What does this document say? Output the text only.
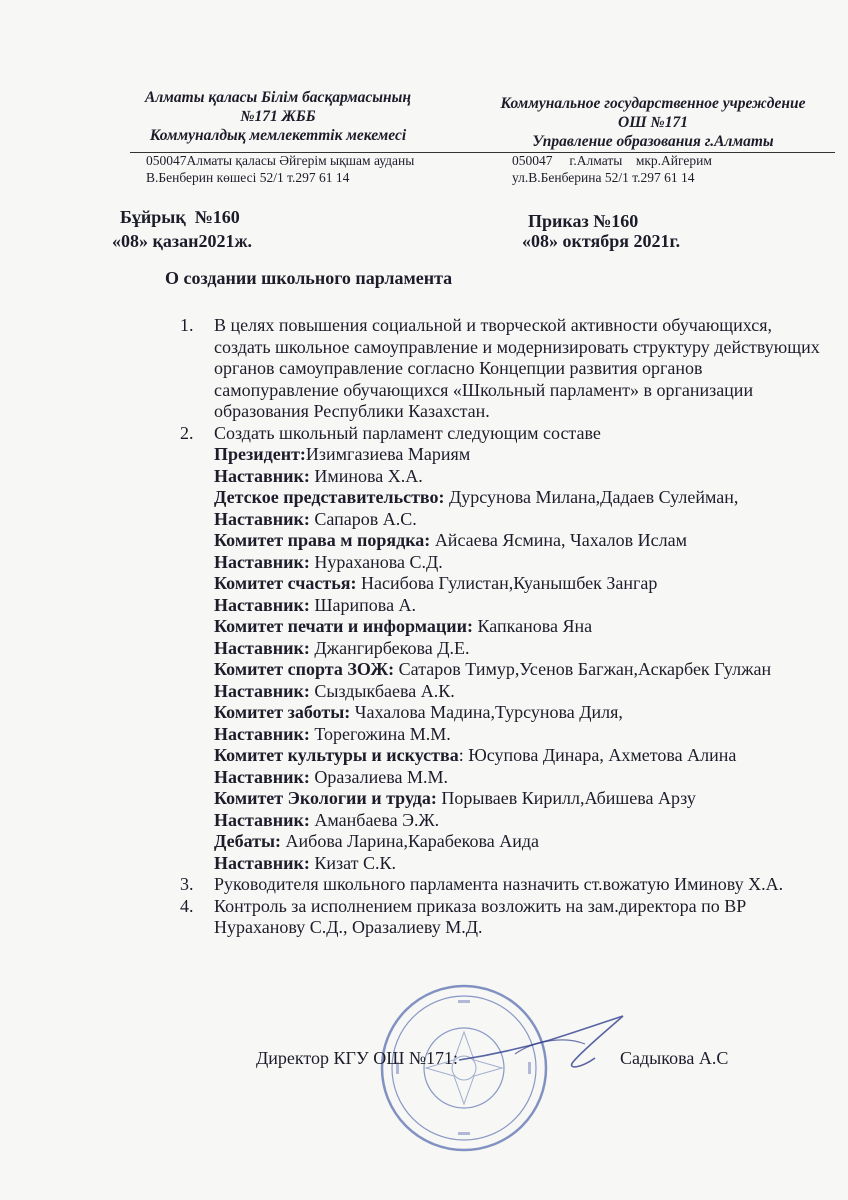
Алматы қаласы Білім басқармасының
№171 ЖББ
Коммуналдық мемлекеттік мекемесі
Коммунальное государственное учреждение
ОШ №171
Управление образования г.Алматы
050047Алматы қаласы Әйгерім ықшам ауданы
В.Бенберин көшесі 52/1 т.297 61 14
050047     г.Алматы    мкр.Айгерим
ул.В.Бенберина 52/1 т.297 61 14
Бұйрық  №160
«08» қазан2021ж.
Приказ №160
«08» октября 2021г.
О создании школьного парламента
1.	В целях повышения социальной и творческой активности обучающихся, создать школьное самоуправление и модернизировать структуру действующих органов самоуправление согласно Концепции развития органов самопуравление обучающихся «Школьный парламент» в организации образования Республики Казахстан.
2.	Создать школьный парламент следующим составе
Президент:Изимгазиева Мариям
Наставник: Иминова Х.А.
Детское представительство: Дурсунова Милана,Дадаев Сулейман,
Наставник: Сапаров А.С.
Комитет права м порядка: Айсаева Ясмина, Чахалов Ислам
Наставник: Нураханова С.Д.
Комитет счастья: Насибова Гулистан,Куанышбек Зангар
Наставник: Шарипова А.
Комитет печати и информации: Капканова Яна
Наставник: Джангирбекова Д.Е.
Комитет спорта ЗОЖ: Сатаров Тимур,Усенов Багжан,Аскарбек Гулжан
Наставник: Сыздыкбаева А.К.
Комитет заботы: Чахалова Мадина,Турсунова Диля,
Наставник: Торегожина М.М.
Комитет культуры и искуства: Юсупова Динара, Ахметова Алина
Наставник: Оразалиева М.М.
Комитет Экологии и труда: Порываев Кирилл,Абишева Арзу
Наставник: Аманбаева Э.Ж.
Дебаты: Аибова Ларина,Карабекова Аида
Наставник: Кизат С.К.
3.	Руководителя школьного парламента назначить ст.вожатую Иминову Х.А.
4.	Контроль за исполнением приказа возложить на зам.директора по ВР Нураханову С.Д., Оразалиеву М.Д.
Директор КГУ ОШ №171:	Садыкова А.С
